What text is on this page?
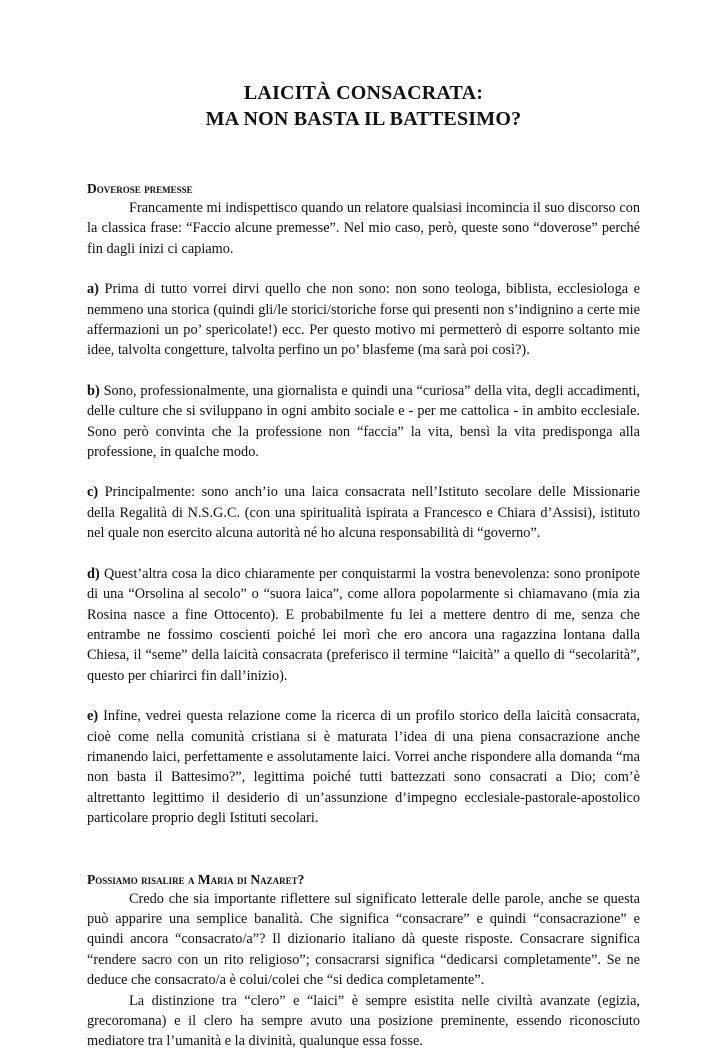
LAICITÀ CONSACRATA:
MA NON BASTA IL BATTESIMO?

Doverose premesse

Francamente mi indispettisco quando un relatore qualsiasi incomincia il suo discorso con la classica frase: “Faccio alcune premesse”. Nel mio caso, però, queste sono “doverose” perché fin dagli inizi ci capiamo.

a) Prima di tutto vorrei dirvi quello che non sono: non sono teologa, biblista, ecclesiologa e nemmeno una storica (quindi gli/le storici/storiche forse qui presenti non s’indignino a certe mie affermazioni un po’ spericolate!) ecc. Per questo motivo mi permetterò di esporre soltanto mie idee, talvolta congetture, talvolta perfino un po’ blasfeme (ma sarà poi così?).

b) Sono, professionalmente, una giornalista e quindi una “curiosa” della vita, degli accadimenti, delle culture che si sviluppano in ogni ambito sociale e - per me cattolica - in ambito ecclesiale. Sono però convinta che la professione non “faccia” la vita, bensì la vita predisponga alla professione, in qualche modo.

c) Principalmente: sono anch’io una laica consacrata nell’Istituto secolare delle Missionarie della Regalità di N.S.G.C. (con una spiritualità ispirata a Francesco e Chiara d’Assisi), istituto nel quale non esercito alcuna autorità né ho alcuna responsabilità di “governo”.

d) Quest’altra cosa la dico chiaramente per conquistarmi la vostra benevolenza: sono pronipote di una “Orsolina al secolo” o “suora laica”, come allora popolarmente si chiamavano (mia zia Rosina nasce a fine Ottocento). E probabilmente fu lei a mettere dentro di me, senza che entrambe ne fossimo coscienti poiché lei morì che ero ancora una ragazzina lontana dalla Chiesa, il “seme” della laicità consacrata (preferisco il termine “laicità” a quello di “secolarità”, questo per chiarirci fin dall’inizio).

e) Infine, vedrei questa relazione come la ricerca di un profilo storico della laicità consacrata, cioè come nella comunità cristiana si è maturata l’idea di una piena consacrazione anche rimanendo laici, perfettamente e assolutamente laici. Vorrei anche rispondere alla domanda “ma non basta il Battesimo?”, legittima poiché tutti battezzati sono consacrati a Dio; com’è altrettanto legittimo il desiderio di un’assunzione d’impegno ecclesiale-pastorale-apostolico particolare proprio degli Istituti secolari.

Possiamo risalire a Maria di Nazaret?

Credo che sia importante riflettere sul significato letterale delle parole, anche se questa può apparire una semplice banalità. Che significa “consacrare” e quindi “consacrazione” e quindi ancora “consacrato/a”? Il dizionario italiano dà queste risposte. Consacrare significa “rendere sacro con un rito religioso”; consacrarsi significa “dedicarsi completamente”. Se ne deduce che consacrato/a è colui/colei che “si dedica completamente”.

La distinzione tra “clero” e “laici” è sempre esistita nelle civiltà avanzate (egizia, grecoromana) e il clero ha sempre avuto una posizione preminente, essendo riconosciuto mediatore tra l’umanità e la divinità, qualunque essa fosse.
